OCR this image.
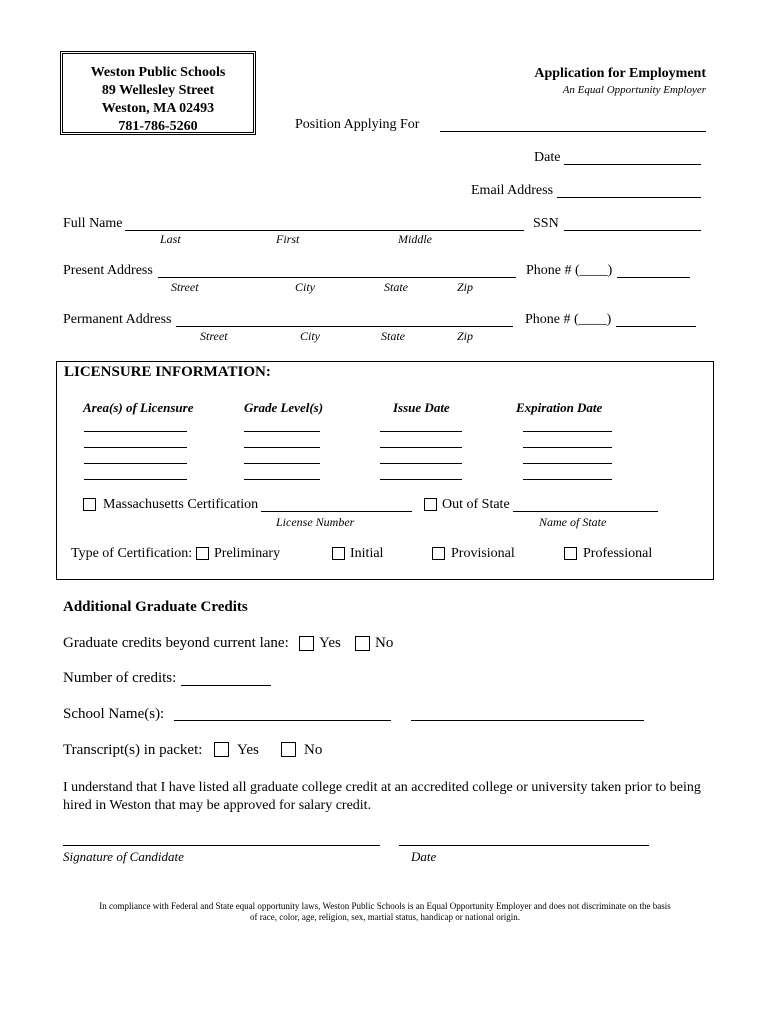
Weston Public Schools
89 Wellesley Street
Weston, MA 02493
781-786-5260
Application for Employment
An Equal Opportunity Employer
Position Applying For
Date
Email Address
Full Name
Last	First	Middle
SSN
Present Address
Street	City	State	Zip
Phone # (____)
Permanent Address
Street	City	State	Zip
Phone # (____)
LICENSURE INFORMATION:
Area(s) of Licensure	Grade Level(s)	Issue Date	Expiration Date
Massachusetts Certification
License Number
Out of State
Name of State
Type of Certification: Preliminary	Initial	Provisional	Professional
Additional Graduate Credits
Graduate credits beyond current lane: Yes No
Number of credits:
School Name(s):
Transcript(s) in packet: Yes	No
I understand that I have listed all graduate college credit at an accredited college or university taken prior to being hired in Weston that may be approved for salary credit.
Signature of Candidate	Date
In compliance with Federal and State equal opportunity laws, Weston Public Schools is an Equal Opportunity Employer and does not discriminate on the basis
of race, color, age, religion, sex, martial status, handicap or national origin.
